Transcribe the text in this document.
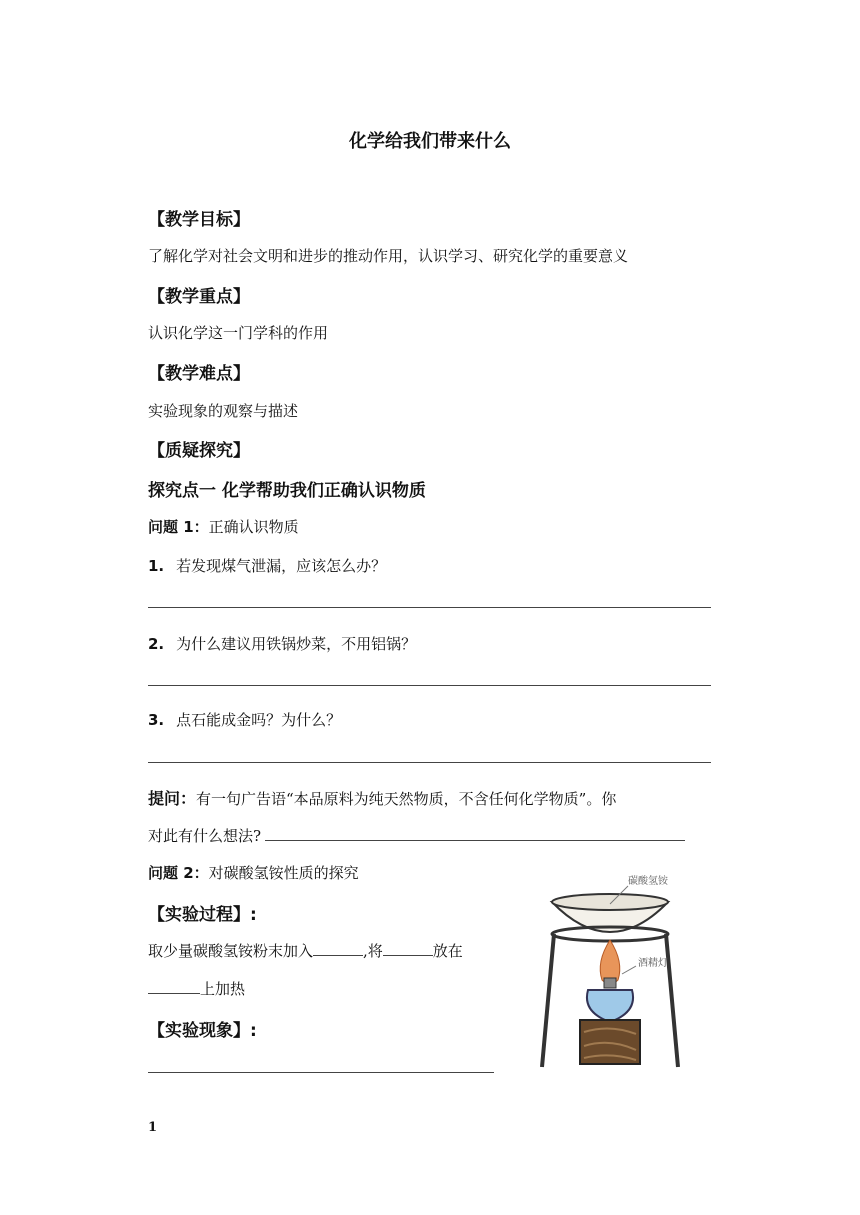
化学给我们带来什么
【教学目标】
了解化学对社会文明和进步的推动作用，认识学习、研究化学的重要意义
【教学重点】
认识化学这一门学科的作用
【教学难点】
实验现象的观察与描述
【质疑探究】
探究点一 化学帮助我们正确认识物质
问题 1：正确认识物质
1. 若发现煤气泄漏，应该怎么办？
2. 为什么建议用铁锅炒菜，不用铝锅？
3. 点石能成金吗？为什么？
提问：有一句广告语“本品原料为纯天然物质，不含任何化学物质”。你
对此有什么想法?
问题 2：对碳酸氢铵性质的探究
【实验过程】:
取少量碳酸氢铵粉末加入	,将	放在
上加热
【实验现象】:
碳酸氢铵
酒精灯
1
